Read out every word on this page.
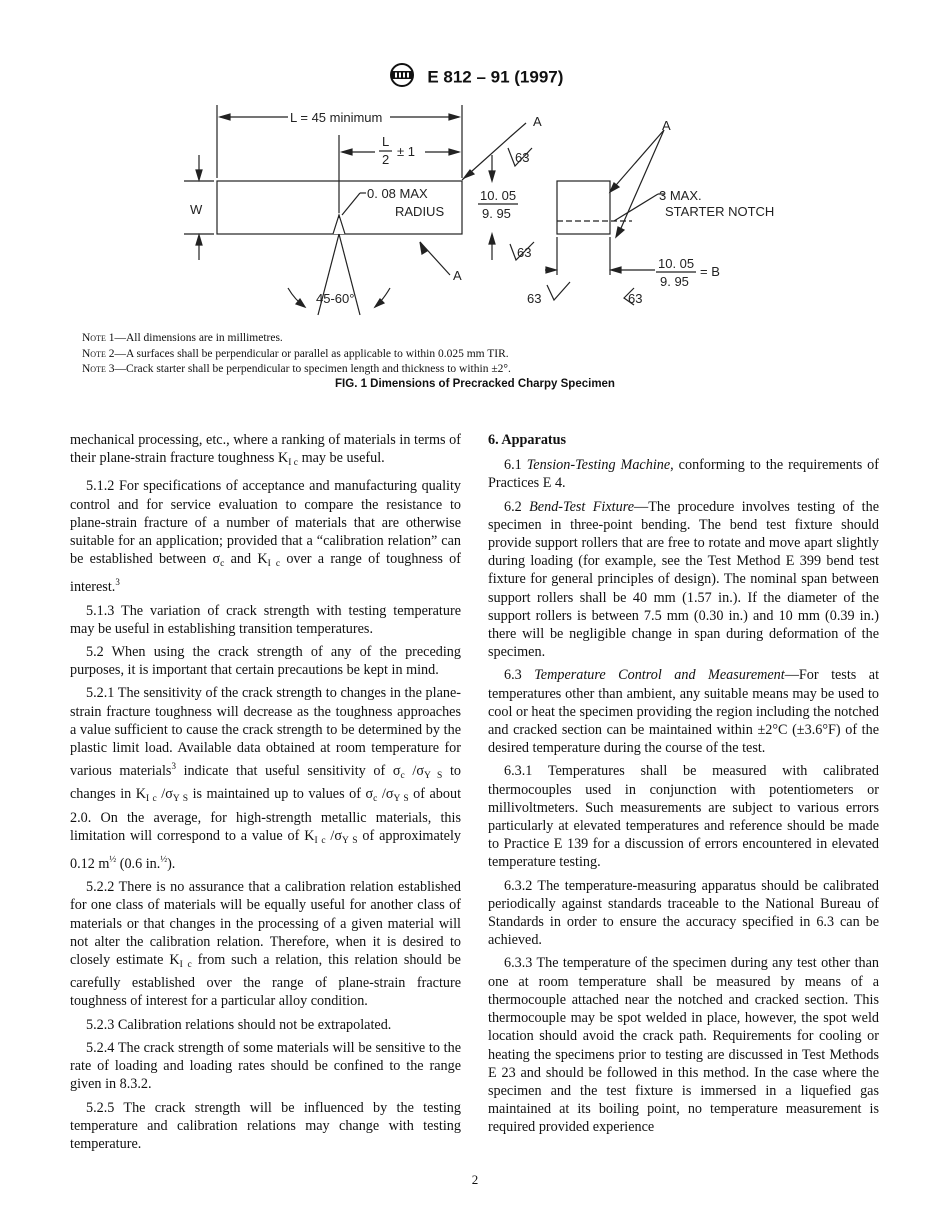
E 812 – 91 (1997)
L = 45 minimum
L
2
± 1
W
0. 08 MAX
RADIUS
45-60°
A
10. 05
9. 95
A
63
63
A
3 MAX.
STARTER NOTCH
10. 05
9. 95
= B
63	63
Note 1—All dimensions are in millimetres.
Note 2—A surfaces shall be perpendicular or parallel as applicable to within 0.025 mm TIR.
Note 3—Crack starter shall be perpendicular to specimen length and thickness to within ±2°.
FIG. 1 Dimensions of Precracked Charpy Specimen

mechanical processing, etc., where a ranking of materials in terms of their plane-strain fracture toughness $K_{I c}$ may be useful.

5.1.2 For specifications of acceptance and manufacturing quality control and for service evaluation to compare the resistance to plane-strain fracture of a number of materials that are otherwise suitable for an application; provided that a “calibration relation” can be established between $\sigma_c$ and $K_{I c}$ over a range of toughness of interest.$^3$

5.1.3 The variation of crack strength with testing temperature may be useful in establishing transition temperatures.

5.2 When using the crack strength of any of the preceding purposes, it is important that certain precautions be kept in mind.

5.2.1 The sensitivity of the crack strength to changes in the plane-strain fracture toughness will decrease as the toughness approaches a value sufficient to cause the crack strength to be determined by the plastic limit load. Available data obtained at room temperature for various materials$^3$ indicate that useful sensitivity of $\sigma_c$ $/\sigma_{Y S}$ to changes in $K_{I c}$ $/\sigma_{Y S}$ is maintained up to values of $\sigma_c$ $/\sigma_{Y S}$ of about 2.0. On the average, for high-strength metallic materials, this limitation will correspond to a value of $K_{I c}$ $/\sigma_{Y S}$ of approximately 0.12 $m^{\frac{1}{2}}$ (0.6 in.$^{\frac{1}{2}}$).

5.2.2 There is no assurance that a calibration relation established for one class of materials will be equally useful for another class of materials or that changes in the processing of a given material will not alter the calibration relation. Therefore, when it is desired to closely estimate $K_{I c}$ from such a relation, this relation should be carefully established over the range of plane-strain fracture toughness of interest for a particular alloy condition.

5.2.3 Calibration relations should not be extrapolated.

5.2.4 The crack strength of some materials will be sensitive to the rate of loading and loading rates should be confined to the range given in 8.3.2.

5.2.5 The crack strength will be influenced by the testing temperature and calibration relations may change with testing temperature.

6. Apparatus

6.1 Tension-Testing Machine, conforming to the requirements of Practices E 4.

6.2 Bend-Test Fixture—The procedure involves testing of the specimen in three-point bending. The bend test fixture should provide support rollers that are free to rotate and move apart slightly during loading (for example, see the Test Method E 399 bend test fixture for general principles of design). The nominal span between support rollers shall be 40 mm (1.57 in.). If the diameter of the support rollers is between 7.5 mm (0.30 in.) and 10 mm (0.39 in.) there will be negligible change in span during deformation of the specimen.

6.3 Temperature Control and Measurement—For tests at temperatures other than ambient, any suitable means may be used to cool or heat the specimen providing the region including the notched and cracked section can be maintained within ±2°C (±3.6°F) of the desired temperature during the course of the test.

6.3.1 Temperatures shall be measured with calibrated thermocouples used in conjunction with potentiometers or millivoltmeters. Such measurements are subject to various errors particularly at elevated temperatures and reference should be made to Practice E 139 for a discussion of errors encountered in elevated temperature testing.

6.3.2 The temperature-measuring apparatus should be calibrated periodically against standards traceable to the National Bureau of Standards in order to ensure the accuracy specified in 6.3 can be achieved.

6.3.3 The temperature of the specimen during any test other than one at room temperature shall be measured by means of a thermocouple attached near the notched and cracked section. This thermocouple may be spot welded in place, however, the spot weld location should avoid the crack path. Requirements for cooling or heating the specimens prior to testing are discussed in Test Methods E 23 and should be followed in this method. In the case where the specimen and the test fixture is immersed in a liquefied gas maintained at its boiling point, no temperature measurement is required provided experience

2
